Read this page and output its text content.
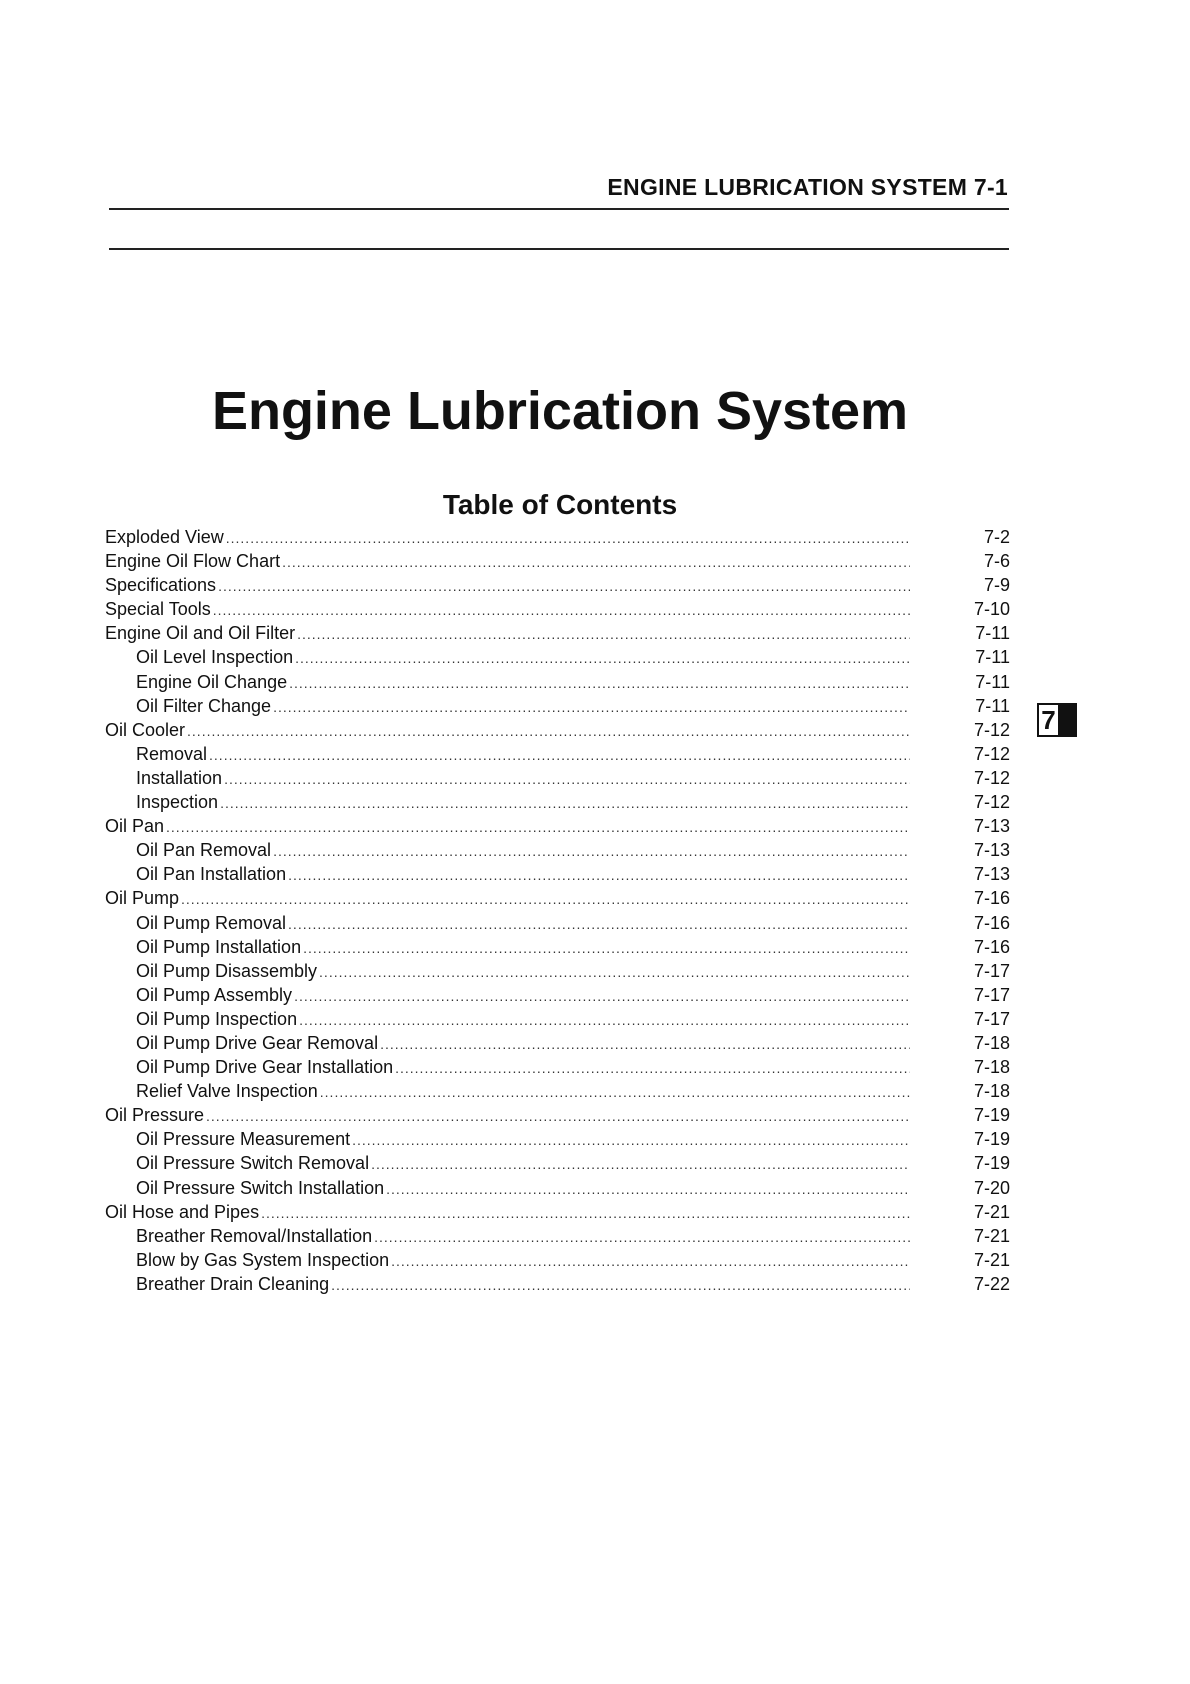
ENGINE LUBRICATION SYSTEM 7-1
Engine Lubrication System
Table of Contents
Exploded View .....	7-2
Engine Oil Flow Chart .....	7-6
Specifications .....	7-9
Special Tools .....	7-10
Engine Oil and Oil Filter .....	7-11
Oil Level Inspection .....	7-11
Engine Oil Change .....	7-11
Oil Filter Change .....	7-11
Oil Cooler .....	7-12
Removal .....	7-12
Installation .....	7-12
Inspection .....	7-12
Oil Pan .....	7-13
Oil Pan Removal .....	7-13
Oil Pan Installation .....	7-13
Oil Pump .....	7-16
Oil Pump Removal .....	7-16
Oil Pump Installation .....	7-16
Oil Pump Disassembly .....	7-17
Oil Pump Assembly .....	7-17
Oil Pump Inspection .....	7-17
Oil Pump Drive Gear Removal .....	7-18
Oil Pump Drive Gear Installation .....	7-18
Relief Valve Inspection .....	7-18
Oil Pressure .....	7-19
Oil Pressure Measurement .....	7-19
Oil Pressure Switch Removal .....	7-19
Oil Pressure Switch Installation .....	7-20
Oil Hose and Pipes .....	7-21
Breather Removal/Installation .....	7-21
Blow by Gas System Inspection .....	7-21
Breather Drain Cleaning .....	7-22
7
